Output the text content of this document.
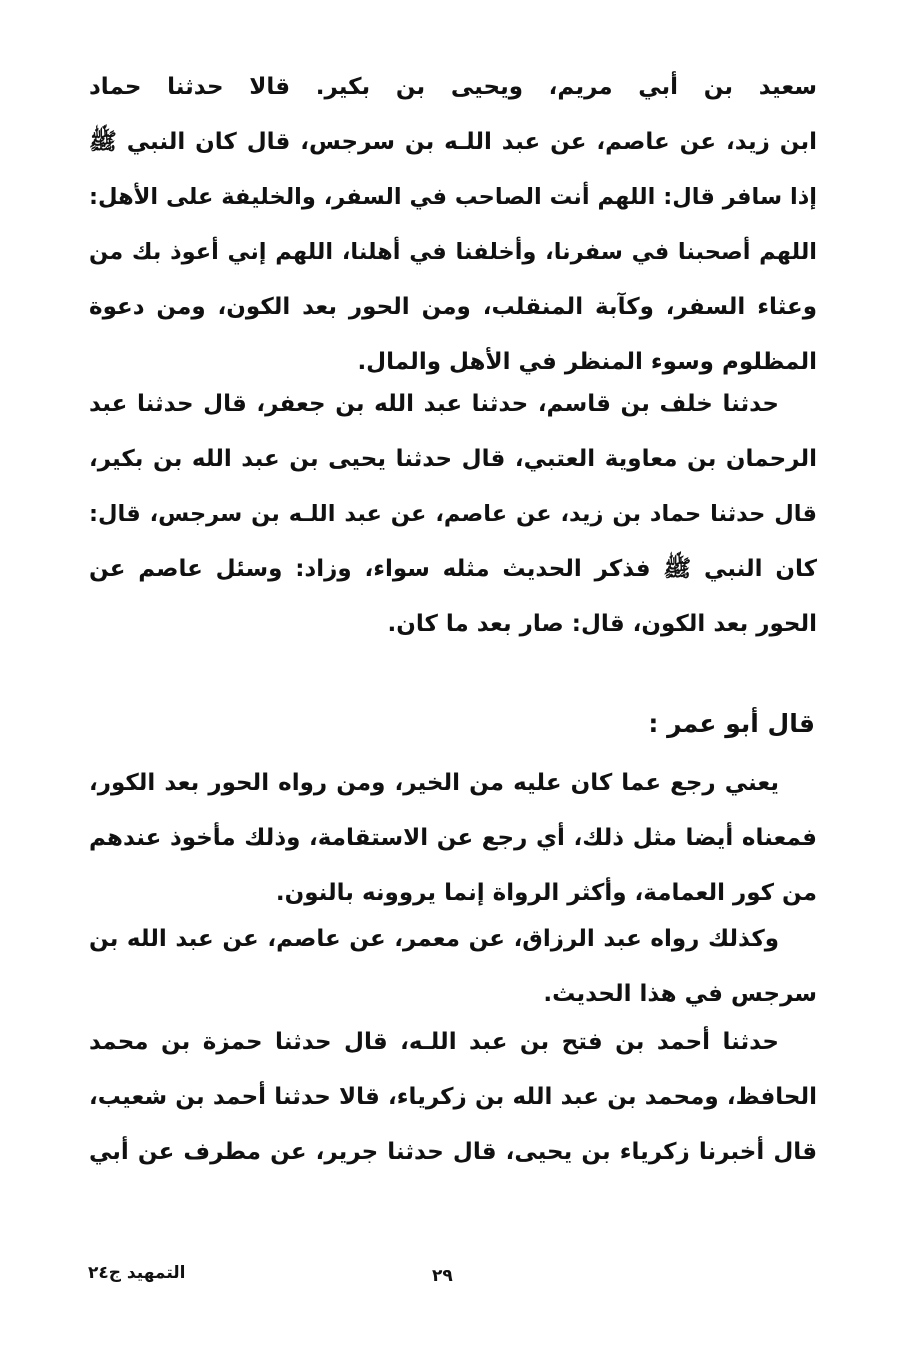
سعيد بن أبي مريم، ويحيى بن بكير. قالا حدثنا حماد
ابن زيد، عن عاصم، عن عبد اللـه بن سرجس، قال كان النبي ﷺ
إذا سافر قال: اللهم أنت الصاحب في السفر، والخليفة على الأهل:
اللهم أصحبنا في سفرنا، وأخلفنا في أهلنا، اللهم إني أعوذ بك من
وعثاء السفر، وكآبة المنقلب، ومن الحور بعد الكون، ومن دعوة
المظلوم وسوء المنظر في الأهل والمال.
حدثنا خلف بن قاسم، حدثنا عبد الله بن جعفر، قال حدثنا عبد
الرحمان بن معاوية العتبي، قال حدثنا يحيى بن عبد الله بن بكير،
قال حدثنا حماد بن زيد، عن عاصم، عن عبد اللـه بن سرجس، قال:
كان النبي ﷺ فذكر الحديث مثله سواء، وزاد: وسئل عاصم عن
الحور بعد الكون، قال: صار بعد ما كان.
قال أبو عمر :
يعني رجع عما كان عليه من الخير، ومن رواه الحور بعد الكور،
فمعناه أيضا مثل ذلك، أي رجع عن الاستقامة، وذلك مأخوذ عندهم
من كور العمامة، وأكثر الرواة إنما يروونه بالنون.
وكذلك رواه عبد الرزاق، عن معمر، عن عاصم، عن عبد الله بن
سرجس في هذا الحديث.
حدثنا أحمد بن فتح بن عبد اللـه، قال حدثنا حمزة بن محمد
الحافظ، ومحمد بن عبد الله بن زكرياء، قالا حدثنا أحمد بن شعيب،
قال أخبرنا زكرياء بن يحيى، قال حدثنا جرير، عن مطرف عن أبي
التمهيد ج٢٤	٢٩
